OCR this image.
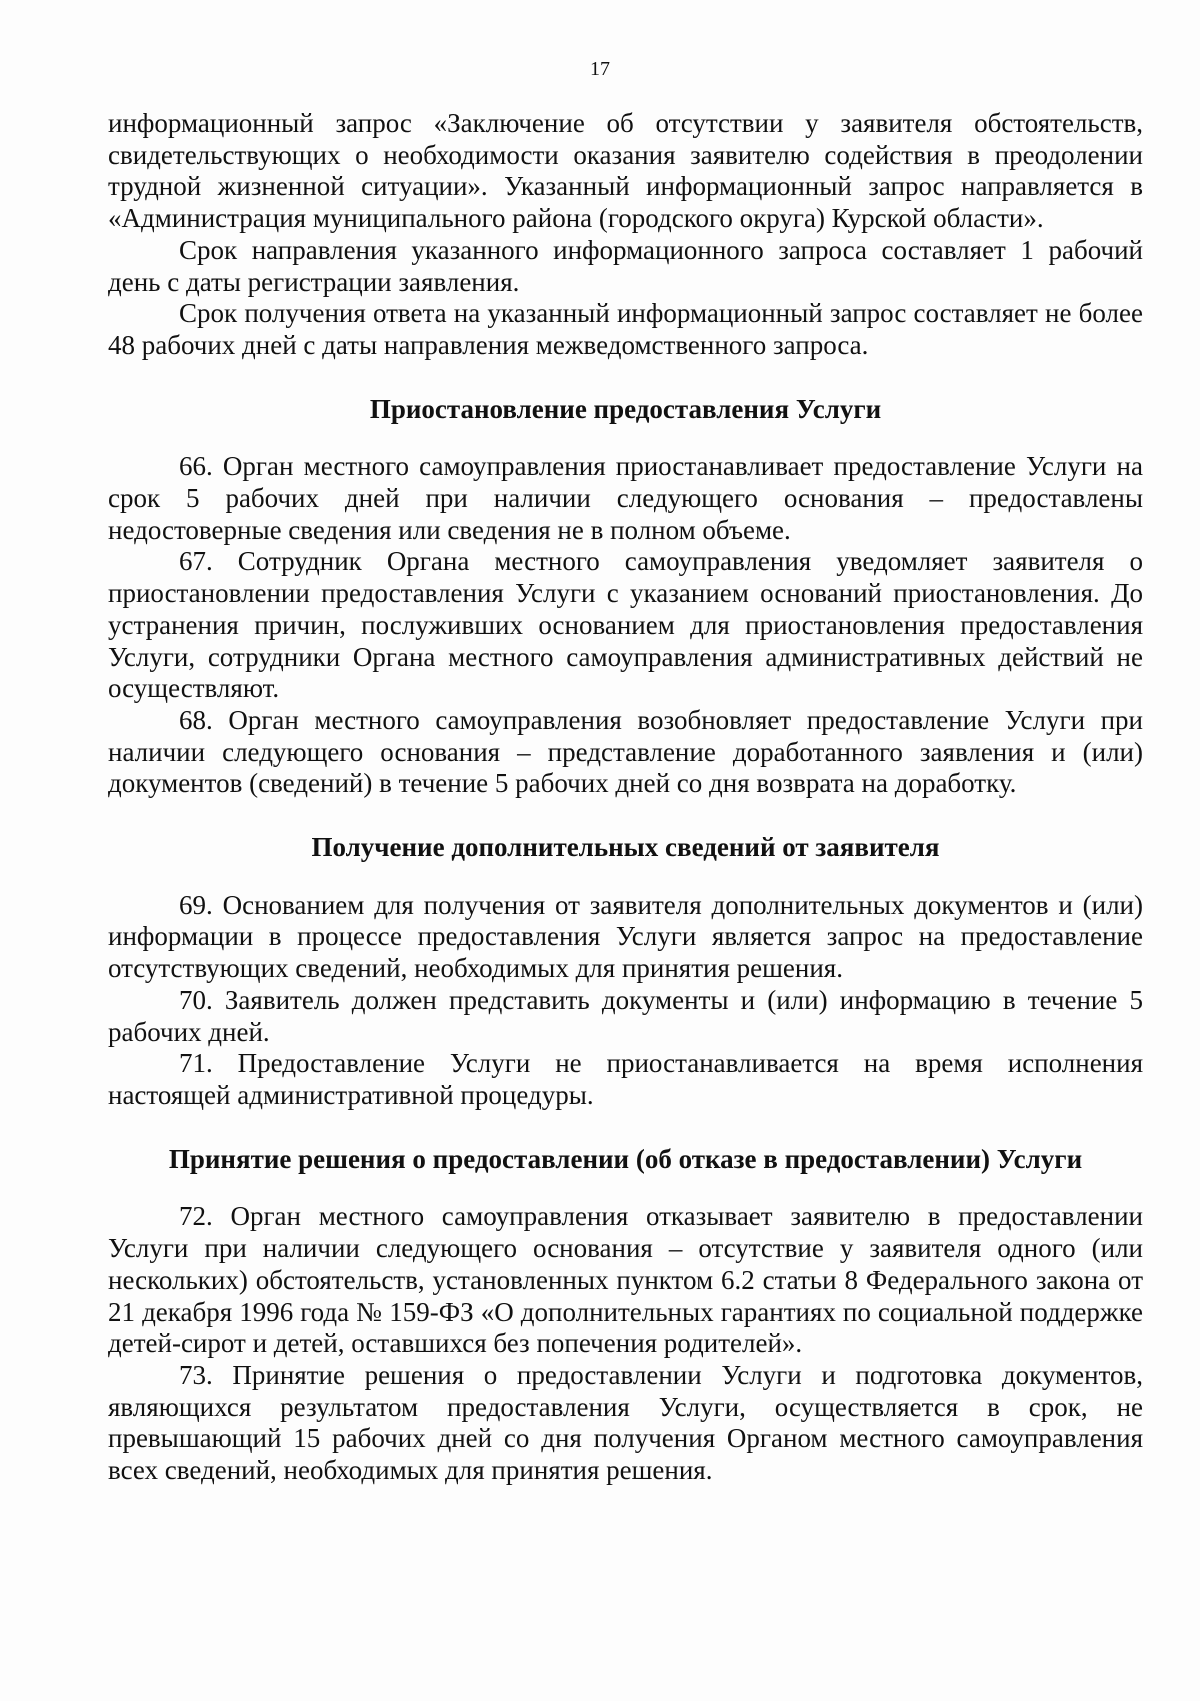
17

информационный запрос «Заключение об отсутствии у заявителя обстоятельств, свидетельствующих о необходимости оказания заявителю содействия в преодолении трудной жизненной ситуации». Указанный информационный запрос направляется в «Администрация муниципального района (городского округа) Курской области».

Срок направления указанного информационного запроса составляет 1 рабочий день с даты регистрации заявления.

Срок получения ответа на указанный информационный запрос составляет не более 48 рабочих дней с даты направления межведомственного запроса.

Приостановление предоставления Услуги

66. Орган местного самоуправления приостанавливает предоставление Услуги на срок 5 рабочих дней при наличии следующего основания – предоставлены недостоверные сведения или сведения не в полном объеме.

67. Сотрудник Органа местного самоуправления уведомляет заявителя о приостановлении предоставления Услуги с указанием оснований приостановления. До устранения причин, послуживших основанием для приостановления предоставления Услуги, сотрудники Органа местного самоуправления административных действий не осуществляют.

68. Орган местного самоуправления возобновляет предоставление Услуги при наличии следующего основания – представление доработанного заявления и (или) документов (сведений) в течение 5 рабочих дней со дня возврата на доработку.

Получение дополнительных сведений от заявителя

69. Основанием для получения от заявителя дополнительных документов и (или) информации в процессе предоставления Услуги является запрос на предоставление отсутствующих сведений, необходимых для принятия решения.

70. Заявитель должен представить документы и (или) информацию в течение 5 рабочих дней.

71. Предоставление Услуги не приостанавливается на время исполнения настоящей административной процедуры.

Принятие решения о предоставлении (об отказе в предоставлении) Услуги

72. Орган местного самоуправления отказывает заявителю в предоставлении Услуги при наличии следующего основания – отсутствие у заявителя одного (или нескольких) обстоятельств, установленных пунктом 6.2 статьи 8 Федерального закона от 21 декабря 1996 года № 159-ФЗ «О дополнительных гарантиях по социальной поддержке детей-сирот и детей, оставшихся без попечения родителей».

73. Принятие решения о предоставлении Услуги и подготовка документов, являющихся результатом предоставления Услуги, осуществляется в срок, не превышающий 15 рабочих дней со дня получения Органом местного самоуправления всех сведений, необходимых для принятия решения.
